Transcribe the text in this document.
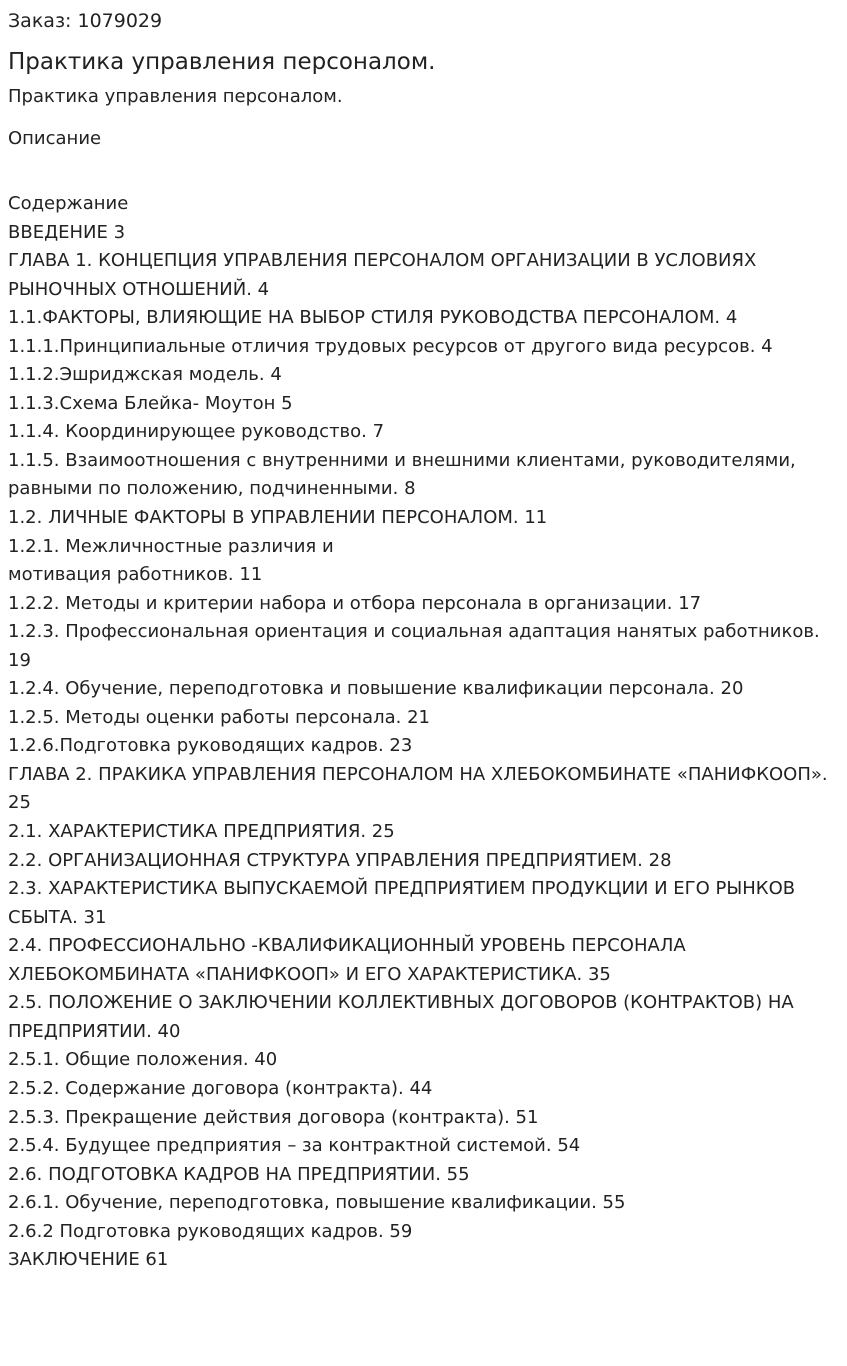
Заказ: 1079029
Практика управления персоналом.
Практика управления персоналом.
Описание
Содержание
ВВЕДЕНИЕ 3
ГЛАВА 1. КОНЦЕПЦИЯ УПРАВЛЕНИЯ ПЕРСОНАЛОМ ОРГАНИЗАЦИИ В УСЛОВИЯХ РЫНОЧНЫХ ОТНОШЕНИЙ. 4
1.1.ФАКТОРЫ, ВЛИЯЮЩИЕ НА ВЫБОР СТИЛЯ РУКОВОДСТВА ПЕРСОНАЛОМ. 4
1.1.1.Принципиальные отличия трудовых ресурсов от другого вида ресурсов. 4
1.1.2.Эшриджская модель. 4
1.1.3.Схема Блейка- Моутон 5
1.1.4. Координирующее руководство. 7
1.1.5. Взаимоотношения с внутренними и внешними клиентами, руководителями, равными по положению, подчиненными. 8
1.2. ЛИЧНЫЕ ФАКТОРЫ В УПРАВЛЕНИИ ПЕРСОНАЛОМ. 11
1.2.1. Межличностные различия и
мотивация работников. 11
1.2.2. Методы и критерии набора и отбора персонала в организации. 17
1.2.3. Профессиональная ориентация и социальная адаптация нанятых работников. 19
1.2.4. Обучение, переподготовка и повышение квалификации персонала. 20
1.2.5. Методы оценки работы персонала. 21
1.2.6.Подготовка руководящих кадров. 23
ГЛАВА 2. ПРАКИКА УПРАВЛЕНИЯ ПЕРСОНАЛОМ НА ХЛЕБОКОМБИНАТЕ «ПАНИФКООП». 25
2.1. ХАРАКТЕРИСТИКА ПРЕДПРИЯТИЯ. 25
2.2. ОРГАНИЗАЦИОННАЯ СТРУКТУРА УПРАВЛЕНИЯ ПРЕДПРИЯТИЕМ. 28
2.3. ХАРАКТЕРИСТИКА ВЫПУСКАЕМОЙ ПРЕДПРИЯТИЕМ ПРОДУКЦИИ И ЕГО РЫНКОВ СБЫТА. 31
2.4. ПРОФЕССИОНАЛЬНО -КВАЛИФИКАЦИОННЫЙ УРОВЕНЬ ПЕРСОНАЛА ХЛЕБОКОМБИНАТА «ПАНИФКООП» И ЕГО ХАРАКТЕРИСТИКА. 35
2.5. ПОЛОЖЕНИЕ О ЗАКЛЮЧЕНИИ КОЛЛЕКТИВНЫХ ДОГОВОРОВ (КОНТРАКТОВ) НА ПРЕДПРИЯТИИ. 40
2.5.1. Общие положения. 40
2.5.2. Содержание договора (контракта). 44
2.5.3. Прекращение действия договора (контракта). 51
2.5.4. Будущее предприятия – за контрактной системой. 54
2.6. ПОДГОТОВКА КАДРОВ НА ПРЕДПРИЯТИИ. 55
2.6.1. Обучение, переподготовка, повышение квалификации. 55
2.6.2 Подготовка руководящих кадров. 59
ЗАКЛЮЧЕНИЕ 61
